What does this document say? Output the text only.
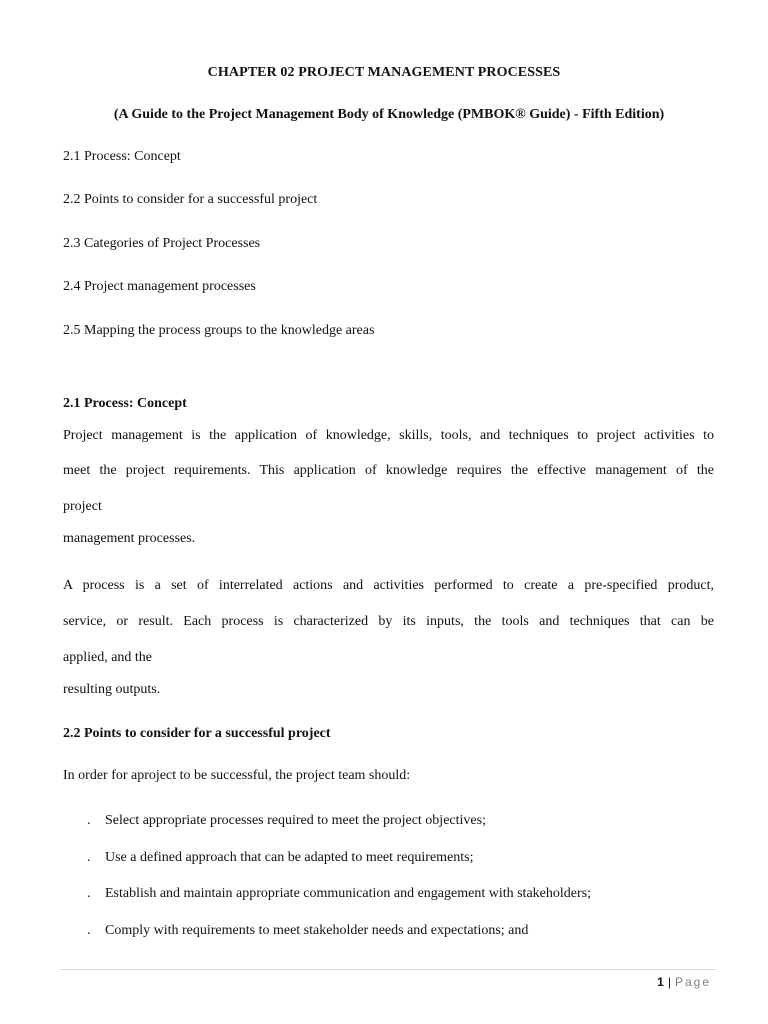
CHAPTER 02 PROJECT MANAGEMENT PROCESSES
(A Guide to the Project Management Body of Knowledge (PMBOK® Guide) - Fifth Edition)
2.1 Process: Concept
2.2 Points to consider for a successful project
2.3 Categories of Project Processes
2.4 Project management processes
2.5 Mapping the process groups to the knowledge areas
2.1 Process: Concept
Project management is the application of knowledge, skills, tools, and techniques to project activities to
meet the project requirements. This application of knowledge requires the effective management of the
project
management processes.
A process is a set of interrelated actions and activities performed to create a pre-specified product,
service, or result. Each process is characterized by its inputs, the tools and techniques that can be
applied, and the
resulting outputs.
2.2 Points to consider for a successful project
In order for aproject to be successful, the project team should:
. Select appropriate processes required to meet the project objectives;
. Use a defined approach that can be adapted to meet requirements;
. Establish and maintain appropriate communication and engagement with stakeholders;
. Comply with requirements to meet stakeholder needs and expectations; and
1 | Page
